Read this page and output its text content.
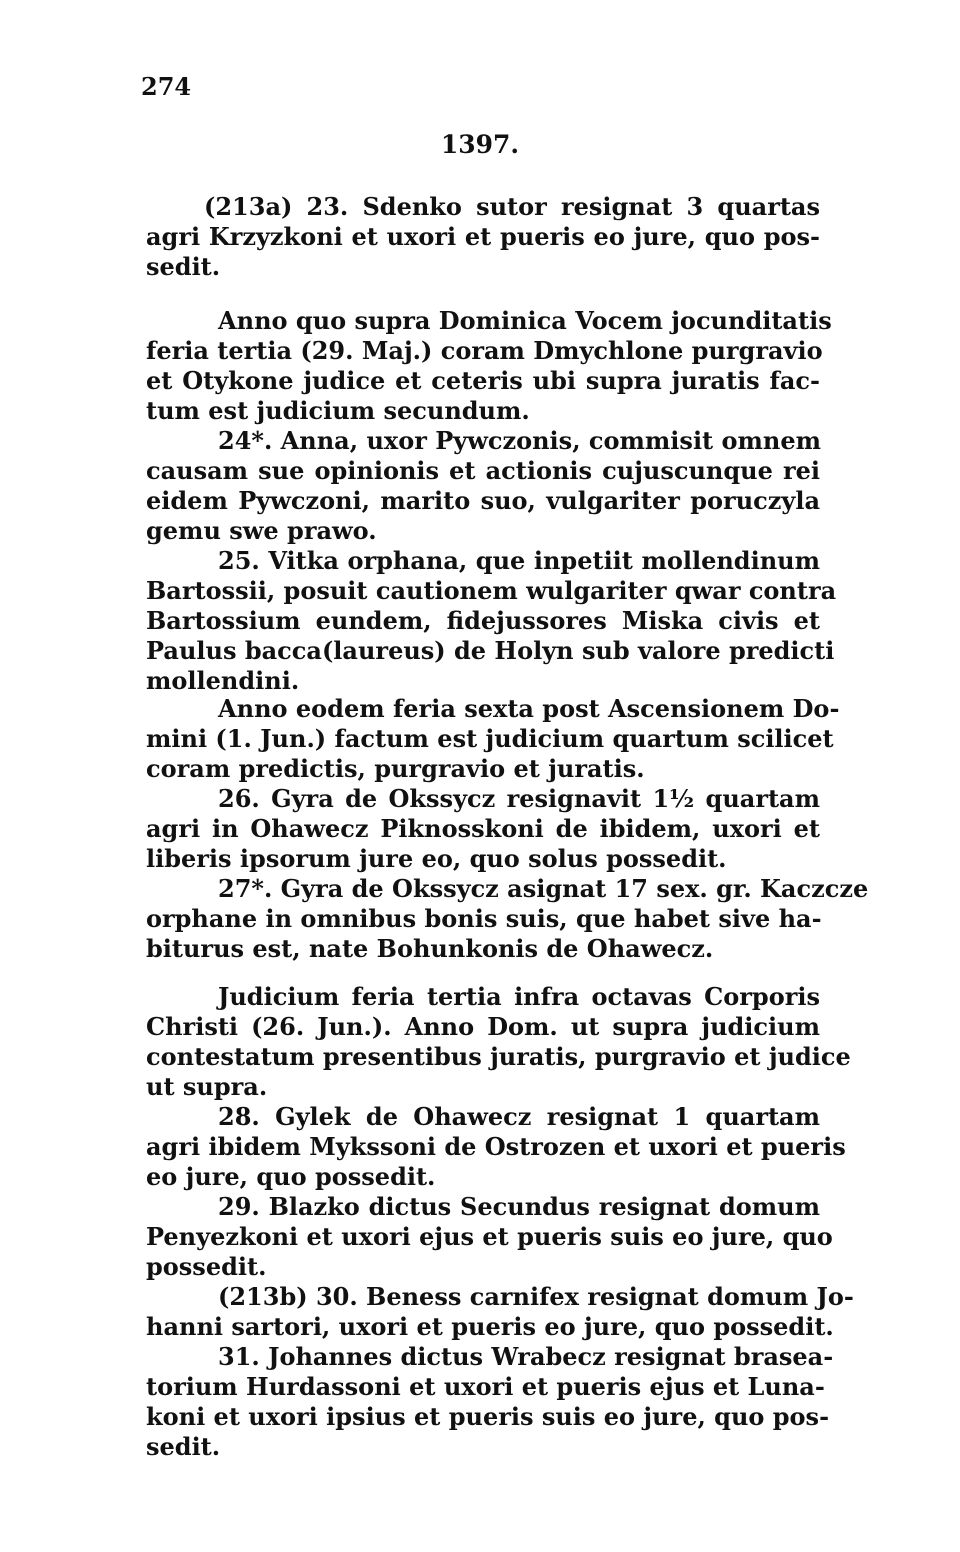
274
1397.
(213a) 23. Sdenko sutor resignat 3 quartas
agri Krzyzkoni et uxori et pueris eo jure, quo pos-
sedit.
Anno quo supra Dominica Vocem jocunditatis
feria tertia (29. Maj.) coram Dmychlone purgravio
et Otykone judice et ceteris ubi supra juratis fac-
tum est judicium secundum.
24*. Anna, uxor Pywczonis, commisit omnem
causam sue opinionis et actionis cujuscunque rei
eidem Pywczoni, marito suo, vulgariter poruczyla
gemu swe prawo.
25. Vitka orphana, que inpetiit mollendinum
Bartossii, posuit cautionem wulgariter qwar contra
Bartossium eundem, fidejussores Miska civis et
Paulus bacca(laureus) de Holyn sub valore predicti
mollendini.
Anno eodem feria sexta post Ascensionem Do-
mini (1. Jun.) factum est judicium quartum scilicet
coram predictis, purgravio et juratis.
26. Gyra de Okssycz resignavit 1½ quartam
agri in Ohawecz Piknosskoni de ibidem, uxori et
liberis ipsorum jure eo, quo solus possedit.
27*. Gyra de Okssycz asignat 17 sex. gr. Kaczcze
orphane in omnibus bonis suis, que habet sive ha-
biturus est, nate Bohunkonis de Ohawecz.
Judicium feria tertia infra octavas Corporis
Christi (26. Jun.). Anno Dom. ut supra judicium
contestatum presentibus juratis, purgravio et judice
ut supra.
28. Gylek de Ohawecz resignat 1 quartam
agri ibidem Mykssoni de Ostrozen et uxori et pueris
eo jure, quo possedit.
29. Blazko dictus Secundus resignat domum
Penyezkoni et uxori ejus et pueris suis eo jure, quo
possedit.
(213b) 30. Beness carnifex resignat domum Jo-
hanni sartori, uxori et pueris eo jure, quo possedit.
31. Johannes dictus Wrabecz resignat brasea-
torium Hurdassoni et uxori et pueris ejus et Luna-
koni et uxori ipsius et pueris suis eo jure, quo pos-
sedit.
